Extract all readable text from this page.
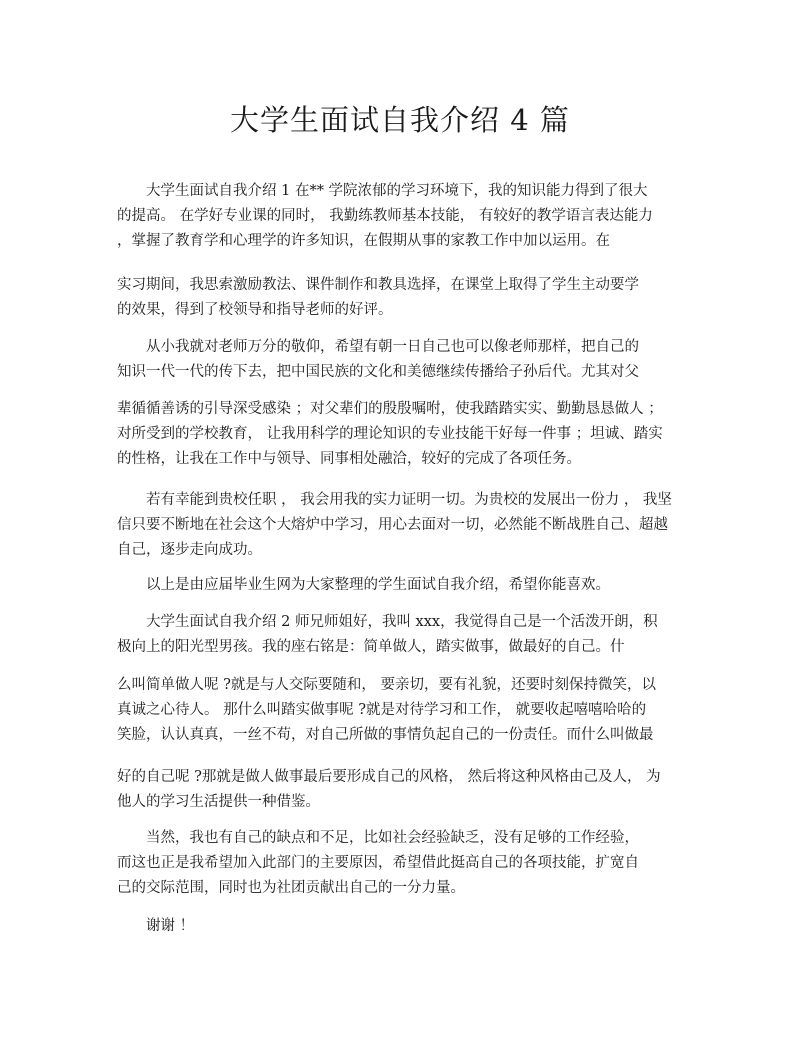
大学生面试自我介绍 4 篇
　　大学生面试自我介绍 1 在** 学院浓郁的学习环境下，我的知识能力得到了很大
的提高。 在学好专业课的同时， 我勤练教师基本技能， 有较好的教学语言表达能力
，掌握了教育学和心理学的许多知识，在假期从事的家教工作中加以运用。在
实习期间，我思索激励教法、课件制作和教具选择，在课堂上取得了学生主动要学
的效果，得到了校领导和指导老师的好评。
　　从小我就对老师万分的敬仰，希望有朝一日自己也可以像老师那样，把自己的
知识一代一代的传下去，把中国民族的文化和美德继续传播给子孙后代。尤其对父
辈循循善诱的引导深受感染 ；对父辈们的殷殷嘱咐，使我踏踏实实、勤勤恳恳做人 ；
对所受到的学校教育， 让我用科学的理论知识的专业技能干好每一件事 ；坦诚、踏实
的性格，让我在工作中与领导、同事相处融洽，较好的完成了各项任务。
　　若有幸能到贵校任职 ， 我会用我的实力证明一切。为贵校的发展出一份力 ， 我坚
信只要不断地在社会这个大熔炉中学习，用心去面对一切，必然能不断战胜自己、超越
自己，逐步走向成功。
　　以上是由应届毕业生网为大家整理的学生面试自我介绍，希望你能喜欢。
　　大学生面试自我介绍 2 师兄师姐好，我叫 xxx，我觉得自己是一个活泼开朗，积
极向上的阳光型男孩。我的座右铭是：简单做人，踏实做事，做最好的自己。什
么叫简单做人呢 ?就是与人交际要随和， 要亲切，要有礼貌，还要时刻保持微笑，以
真诚之心待人。 那什么叫踏实做事呢 ?就是对待学习和工作， 就要收起嘻嘻哈哈的
笑脸，认认真真，一丝不苟，对自己所做的事情负起自己的一份责任。而什么叫做最
好的自己呢 ?那就是做人做事最后要形成自己的风格， 然后将这种风格由己及人， 为
他人的学习生活提供一种借鉴。
　　当然，我也有自己的缺点和不足，比如社会经验缺乏，没有足够的工作经验，
而这也正是我希望加入此部门的主要原因，希望借此挺高自己的各项技能，扩宽自
己的交际范围，同时也为社团贡献出自己的一分力量。
　　谢谢 ！
